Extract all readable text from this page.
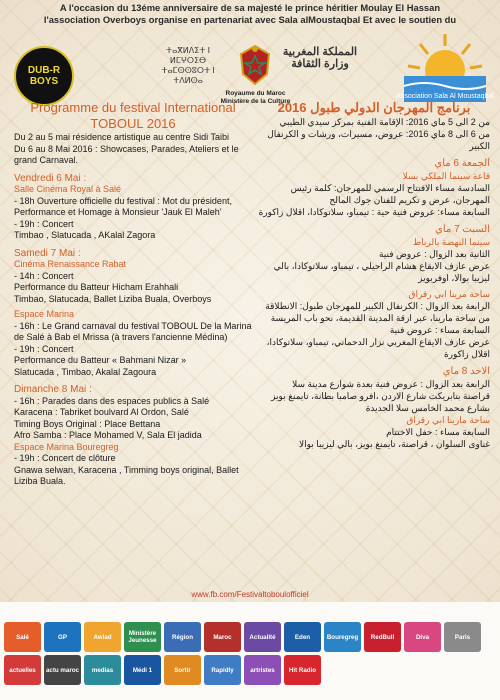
A l'occasion du 13éme anniversaire de sa majesté le prince héritier Moulay El Hassan
l'association Overboys organise en partenariat avec Sala alMoustaqbal Et avec le soutien du
DUB-R
BOYS
ⵜⴰⴳⵍⴷⵉⵜ ⵏ ⵍⵎⵖⵔⵉⴱ ⵜⴰⵎⵙⵙⵓⵔⵜ ⵏ ⵜⴷⵍⵙⴰ
المملكة المغربية وزارة الثقافة
Royaume du Maroc
Ministère de la Culture
Association Sala Al Moustaqbal

Programme du festival International
TOBOUL 2016

Du 2 au 5 mai résidence artistique au centre Sidi Taibi

Du 6 au 8 Mai 2016 : Showcases, Parades, Ateliers et le grand Carnaval.

Vendredi 6 Mai :
Salle Cinéma Royal à Salé

- 18h Ouverture officielle du festival : Mot du président, Performance et Homage à Monsieur 'Jauk El Maleh'

- 19h : Concert

Timbao , Slatucada , AKalal Zagora

Samedi 7 Mai :
Cinéma Renaissance Rabat

- 14h : Concert

Performance du Batteur Hicham Erahhali

Timbao, Slatucada, Ballet Liziba Buala, Overboys

Espace Marina

- 16h : Le Grand carnaval du festival TOBOUL De la Marina de Salé à Bab el Mrissa (à travers l'ancienne Médina)

- 19h : Concert

Performance du Batteur « Bahmani Nizar »

Slatucada , Timbao, Akalal Zagoura

Dimanche 8 Mai :

- 16h : Parades dans des espaces publics à Salé

Karacena : Tabriket boulvard Al Ordon, Salé

Timing Boys Original : Place Bettana

Afro Samba : Place Mohamed V, Sala El jadida

Espace Marina Bouregreg

- 19h : Concert de clôture

Gnawa selwan, Karacena , Timming boys original, Ballet Liziba Buala.

برنامج المهرجان الدولي طبول 2016

من 2 الى 5 ماي 2016: الإقامة الفنية بمركز سيدي الطيبي

من 6 الى 8 ماي 2016: عروض، مسيرات، ورشات و الكرنفال الكبير

الجمعة 6 ماي
قاعة سينما الملكي بسلا

السادسة مساء الافتتاح الرسمي للمهرجان: كلمة رئيس المهرجان، عرض و تكريم للفنان جوك المالح

السابعة مساء: عروض فنية حية : تيمباو، سلاتوكادا، اقلال زاكورة

السبت 7 ماي
سينما النهضة بالرباط

الثانية بعد الزوال : عروض فنية

عرض عازف الايقاع هشام الراحيلي ، تيمباو، سلاتوكادا، بالي ليزيبا بوالا، اوفربويز

ساحة مرينا ابي رقراق

الرابعة بعد الزوال : الكرنفال الكبير للمهرجان طبول: الانطلاقة من ساحة مارينا، عبر ازقة المدينة القديمة، نحو باب المريسة

السابعة مساء : عروض فنية

عرض عازف الايقاع المغربي نزار الدحماني، تيمباو، سلاتوكادا، اقلال زاكورة

الاحد 8 ماي

الرابعة بعد الزوال : عروض فنية بعدة شوارع مدينة سلا

قراصنة بتابريكت شارع الاردن ،افرو صامبا بطانة، تايمنغ بويز بشارع محمد الخامس سلا الجديدة

ساحة مارينا ابي رقراق

السابعة مساء : حفل الاختتام

غناوى السلوان ، قراصنة، تايمنغ بويز، بالي ليزيبا بوالا

www.fb.com/Festivaltoboulofficiel
Salé	GP	Awlad	Ministère Jeunesse	Région	Maroc	Actualité	Eden	Bouregreg	RedBull	Diva	Paris
actuelles	actu maroc	medias	Médi 1	Sortir	Rapidly	artristes	Hit Radio
